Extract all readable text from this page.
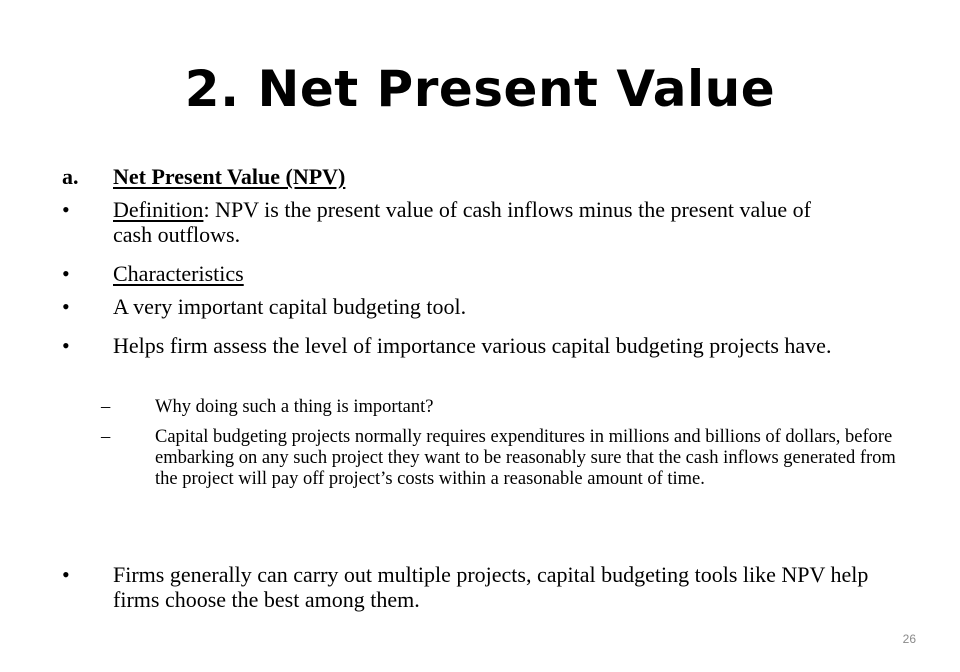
2. Net Present Value
a. Net Present Value (NPV)
• Definition: NPV is the present value of cash inflows minus the present value of cash outflows.
• Characteristics
• A very important capital budgeting tool.
• Helps firm assess the level of importance various capital budgeting projects have.
– Why doing such a thing is important?
– Capital budgeting projects normally requires expenditures in millions and billions of dollars, before embarking on any such project they want to be reasonably sure that the cash inflows generated from the project will pay off project’s costs within a reasonable amount of time.
• Firms generally can carry out multiple projects, capital budgeting tools like NPV help firms choose the best among them.
26
